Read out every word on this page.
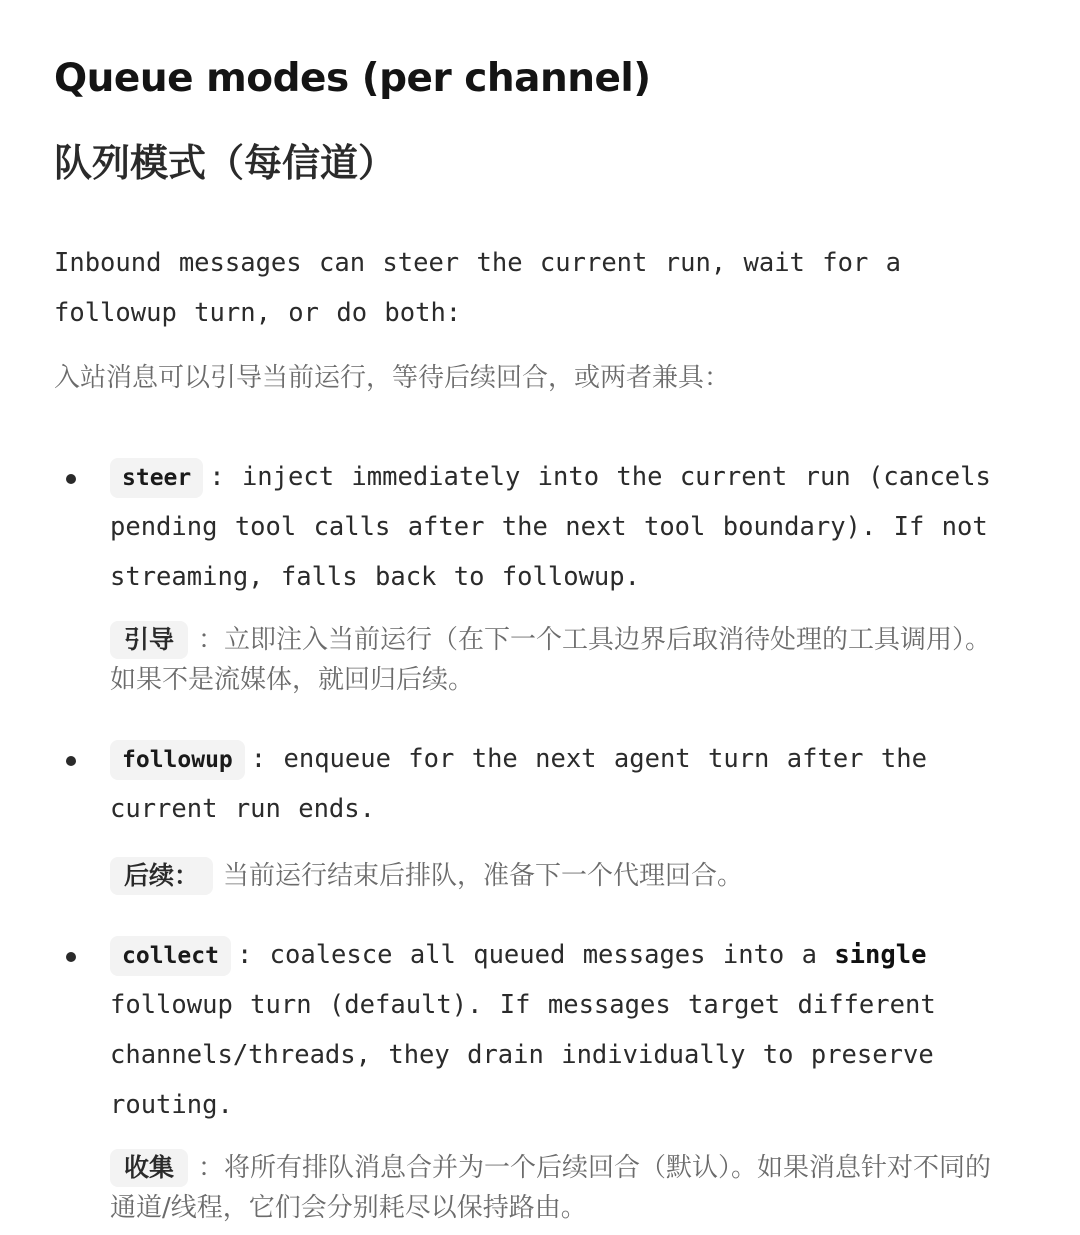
Queue modes (per channel)
队列模式（每信道）

Inbound messages can steer the current run, wait for a followup turn, or do both:

入站消息可以引导当前运行，等待后续回合，或两者兼具：

steer : inject immediately into the current run (cancels pending tool calls after the next tool boundary). If not streaming, falls back to followup.

引导 ：立即注入当前运行（在下一个工具边界后取消待处理的工具调用）。如果不是流媒体，就回归后续。

followup : enqueue for the next agent turn after the current run ends.

后续： 当前运行结束后排队，准备下一个代理回合。

collect : coalesce all queued messages into a single followup turn (default). If messages target different channels/threads, they drain individually to preserve routing.

收集 ：将所有排队消息合并为一个后续回合（默认）。如果消息针对不同的通道/线程，它们会分别耗尽以保持路由。
